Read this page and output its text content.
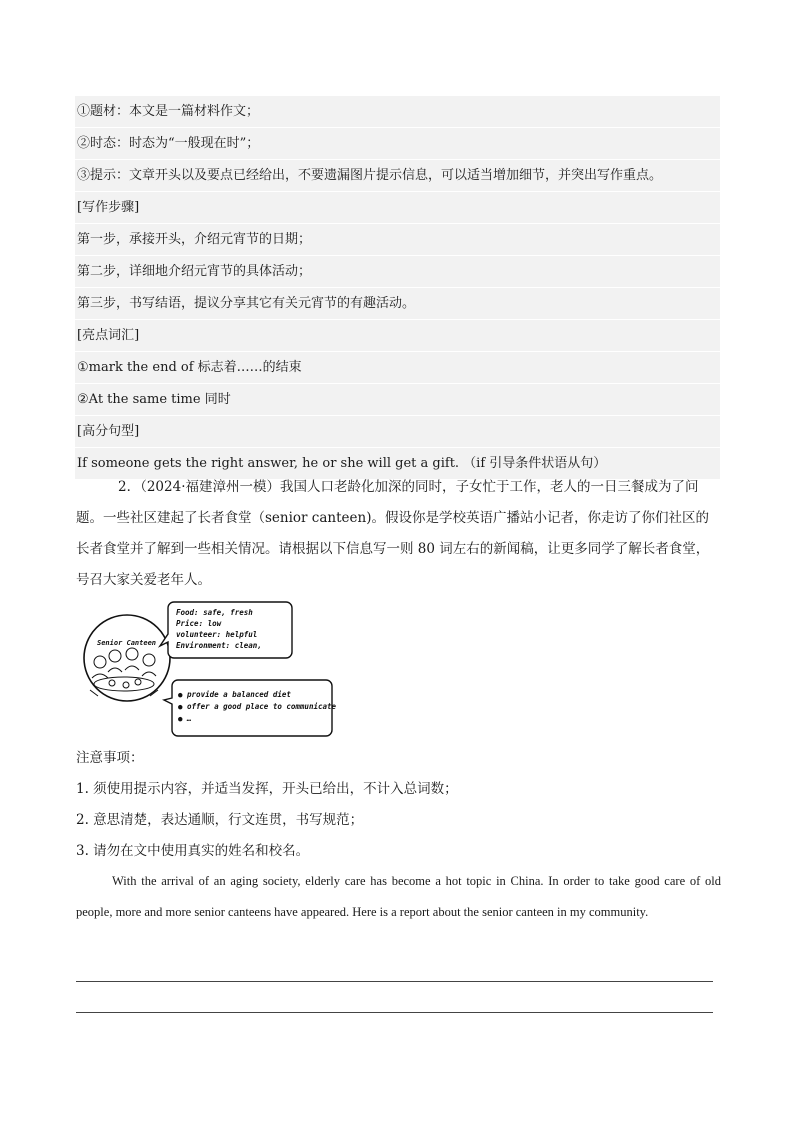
①题材：本文是一篇材料作文；
②时态：时态为“一般现在时”；
③提示：文章开头以及要点已经给出，不要遗漏图片提示信息，可以适当增加细节，并突出写作重点。
[写作步骤]
第一步，承接开头，介绍元宵节的日期；
第二步，详细地介绍元宵节的具体活动；
第三步，书写结语，提议分享其它有关元宵节的有趣活动。
[亮点词汇]
①mark the end of 标志着……的结束
②At the same time 同时
[高分句型]
If someone gets the right answer, he or she will get a gift. （if 引导条件状语从句）
2．（2024·福建漳州一模）我国人口老龄化加深的同时，子女忙于工作，老人的一日三餐成为了问题。一些社区建起了长者食堂（senior canteen)。假设你是学校英语广播站小记者，你走访了你们社区的长者食堂并了解到一些相关情况。请根据以下信息写一则 80 词左右的新闻稿，让更多同学了解长者食堂，号召大家关爱老年人。
Senior Canteen
Food: safe, fresh
Price: low
volunteer: helpful
Environment: clean,
● provide a balanced diet
● offer a good place to communicate
● …
注意事项：
1. 须使用提示内容，并适当发挥，开头已给出，不计入总词数；
2. 意思清楚，表达通顺，行文连贯，书写规范；
3. 请勿在文中使用真实的姓名和校名。
With the arrival of an aging society, elderly care has become a hot topic in China. In order to take good care of old people, more and more senior canteens have appeared. Here is a report about the senior canteen in my community.
